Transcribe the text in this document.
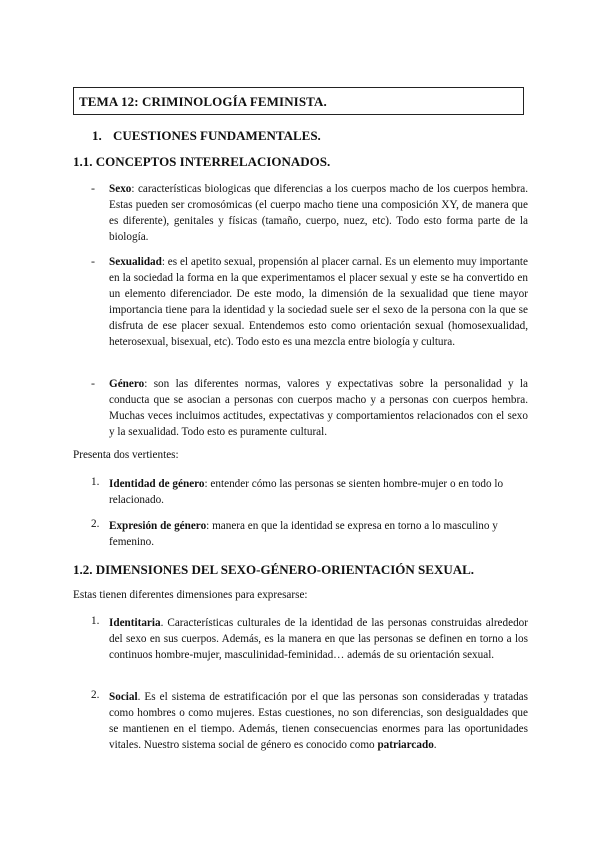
TEMA 12: CRIMINOLOGÍA FEMINISTA.
1. CUESTIONES FUNDAMENTALES.
1.1. CONCEPTOS INTERRELACIONADOS.
- Sexo: características biologicas que diferencias a los cuerpos macho de los cuerpos hembra. Estas pueden ser cromosómicas (el cuerpo macho tiene una composición XY, de manera que es diferente), genitales y físicas (tamaño, cuerpo, nuez, etc). Todo esto forma parte de la biología.
- Sexualidad: es el apetito sexual, propensión al placer carnal. Es un elemento muy importante en la sociedad la forma en la que experimentamos el placer sexual y este se ha convertido en un elemento diferenciador. De este modo, la dimensión de la sexualidad que tiene mayor importancia tiene para la identidad y la sociedad suele ser el sexo de la persona con la que se disfruta de ese placer sexual. Entendemos esto como orientación sexual (homosexualidad, heterosexual, bisexual, etc). Todo esto es una mezcla entre biología y cultura.
- Género: son las diferentes normas, valores y expectativas sobre la personalidad y la conducta que se asocian a personas con cuerpos macho y a personas con cuerpos hembra. Muchas veces incluimos actitudes, expectativas y comportamientos relacionados con el sexo y la sexualidad. Todo esto es puramente cultural.
Presenta dos vertientes:
1. Identidad de género: entender cómo las personas se sienten hombre-mujer o en todo lo relacionado.
2. Expresión de género: manera en que la identidad se expresa en torno a lo masculino y femenino.
1.2. DIMENSIONES DEL SEXO-GÉNERO-ORIENTACIÓN SEXUAL.
Estas tienen diferentes dimensiones para expresarse:
1. Identitaria. Características culturales de la identidad de las personas construidas alrededor del sexo en sus cuerpos. Además, es la manera en que las personas se definen en torno a los continuos hombre-mujer, masculinidad-feminidad… además de su orientación sexual.
2. Social. Es el sistema de estratificación por el que las personas son consideradas y tratadas como hombres o como mujeres. Estas cuestiones, no son diferencias, son desigualdades que se mantienen en el tiempo. Además, tienen consecuencias enormes para las oportunidades vitales. Nuestro sistema social de género es conocido como patriarcado.
